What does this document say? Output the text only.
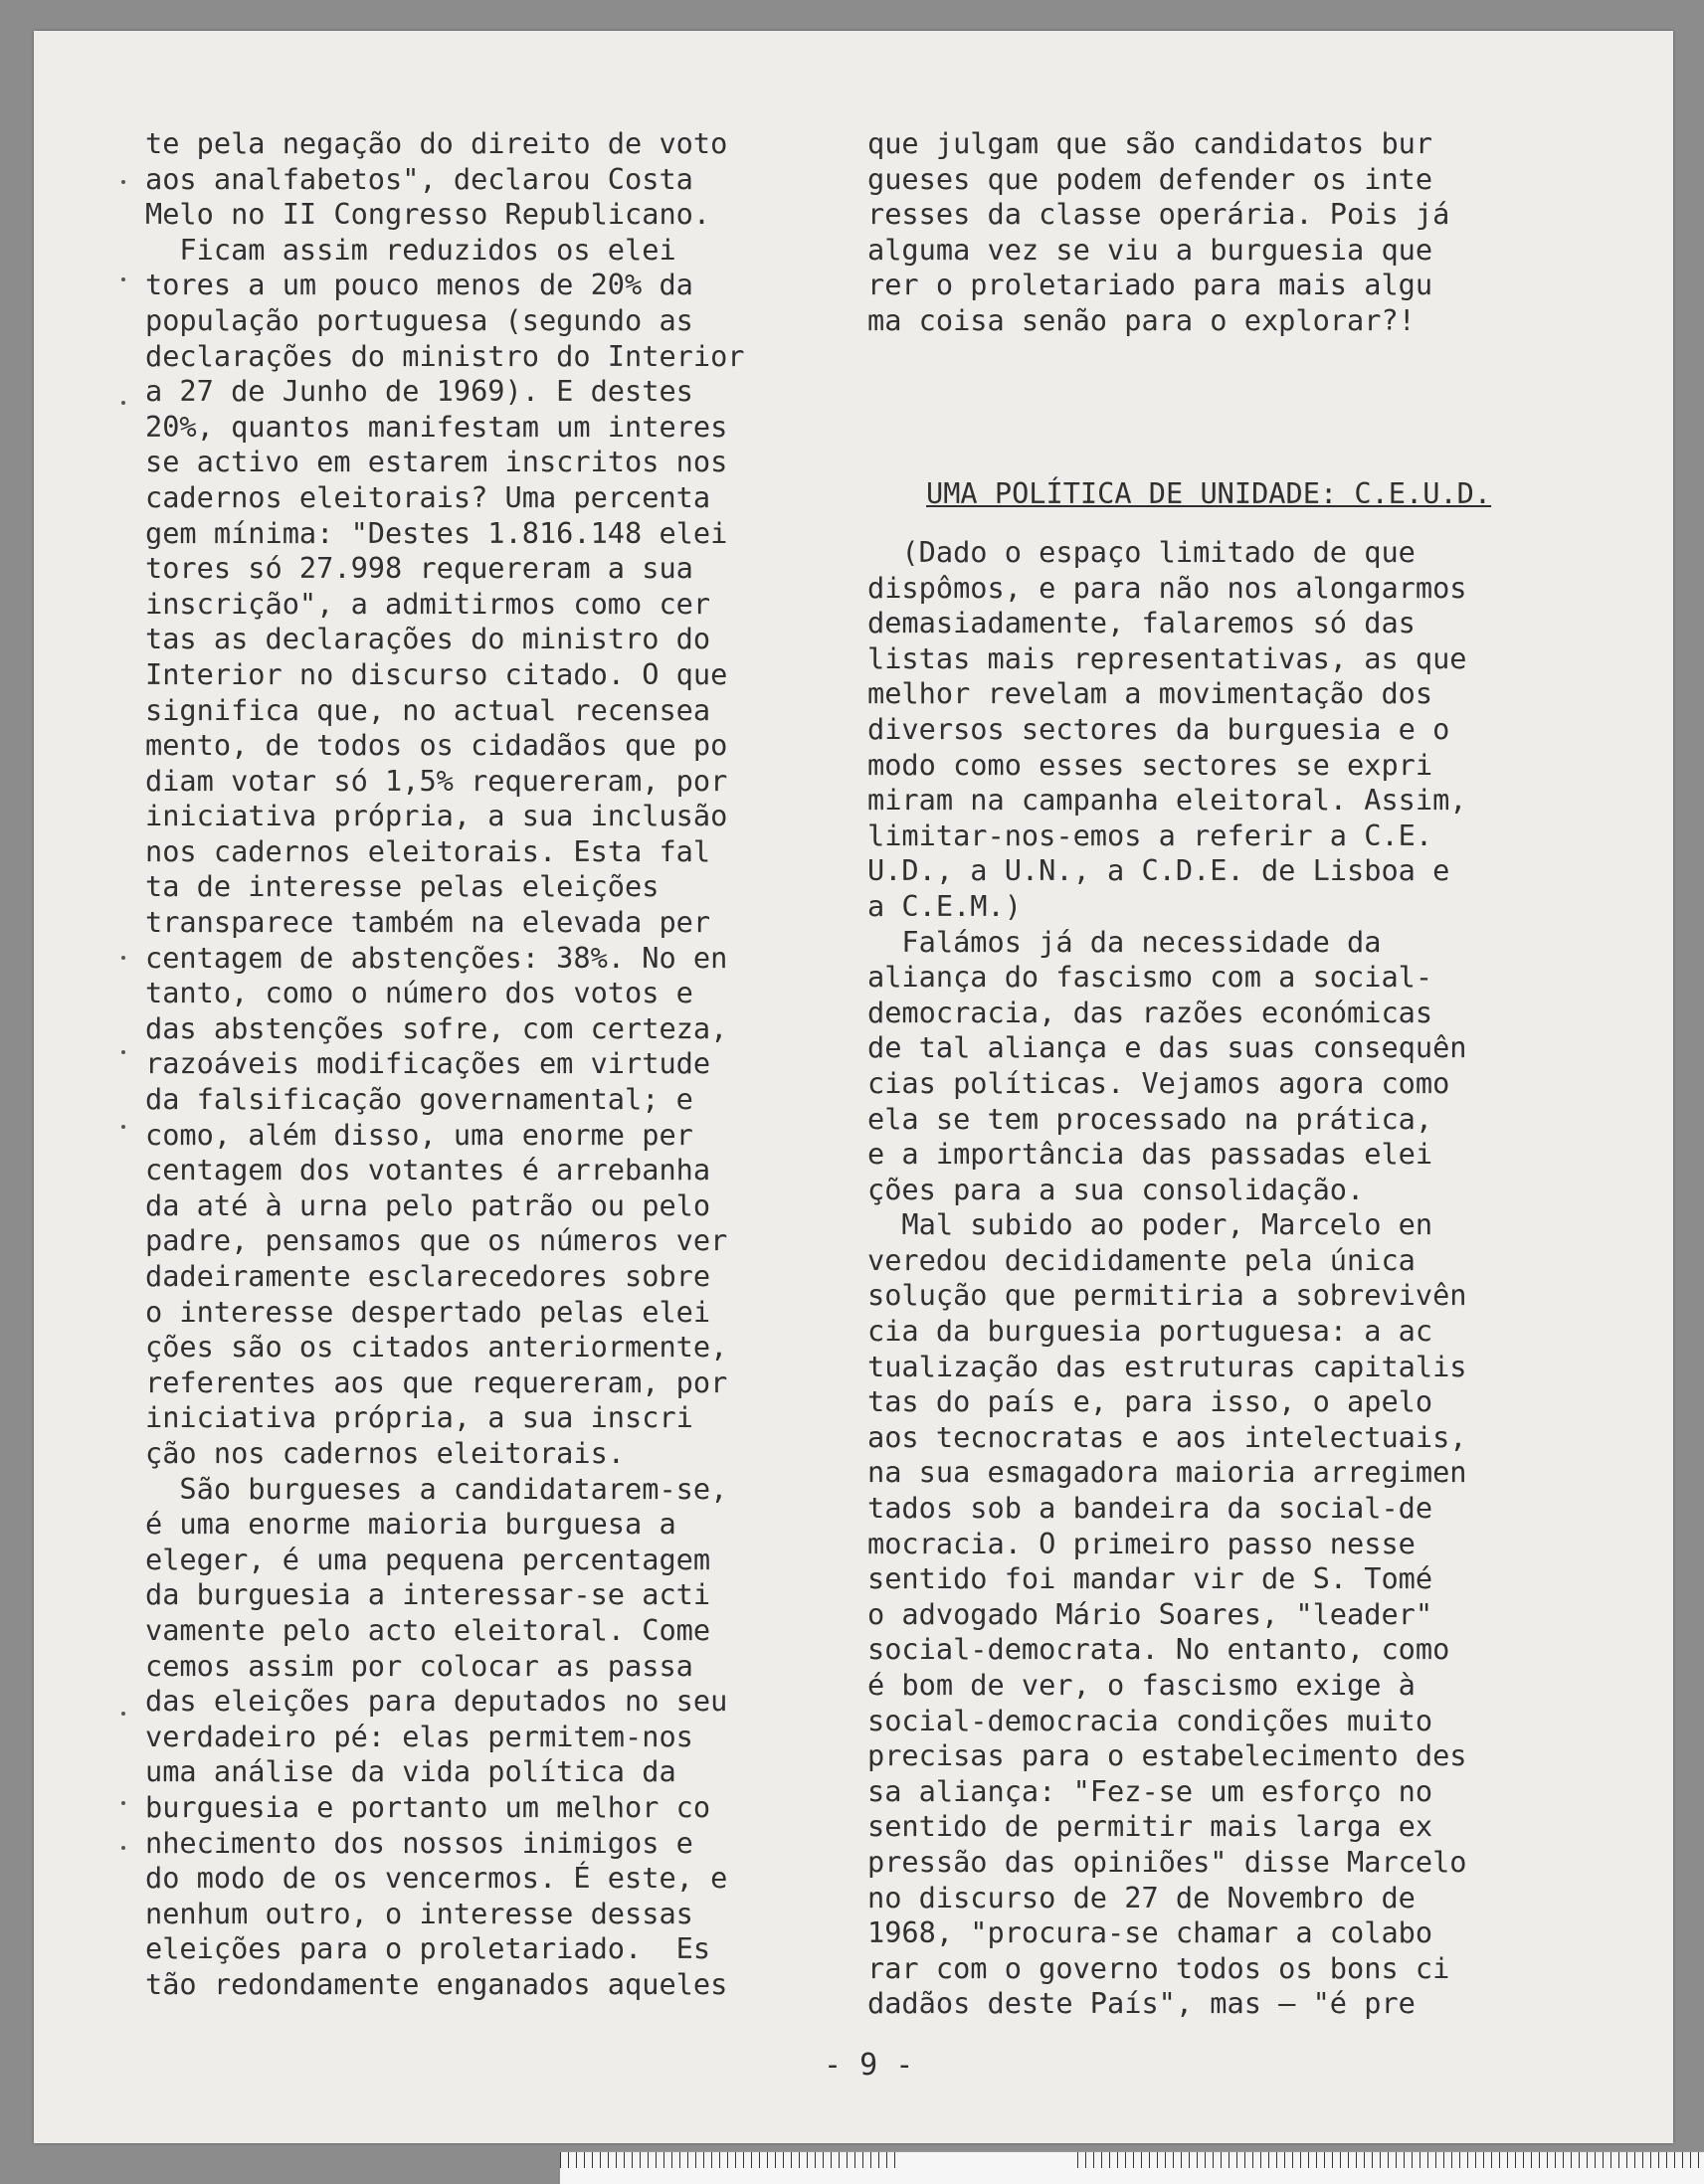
te pela negação do direito de voto
aos analfabetos", declarou Costa
Melo no II Congresso Republicano.
Ficam assim reduzidos os elei
tores a um pouco menos de 20% da
população portuguesa (segundo as
declarações do ministro do Interior
a 27 de Junho de 1969). E destes
20%, quantos manifestam um interes
se activo em estarem inscritos nos
cadernos eleitorais? Uma percenta
gem mínima: "Destes 1.816.148 elei
tores só 27.998 requereram a sua
inscrição", a admitirmos como cer
tas as declarações do ministro do
Interior no discurso citado. O que
significa que, no actual recensea
mento, de todos os cidadãos que po
diam votar só 1,5% requereram, por
iniciativa própria, a sua inclusão
nos cadernos eleitorais. Esta fal
ta de interesse pelas eleições
transparece também na elevada per
centagem de abstenções: 38%. No en
tanto, como o número dos votos e
das abstenções sofre, com certeza,
razoáveis modificações em virtude
da falsificação governamental; e
como, além disso, uma enorme per
centagem dos votantes é arrebanha
da até à urna pelo patrão ou pelo
padre, pensamos que os números ver
dadeiramente esclarecedores sobre
o interesse despertado pelas elei
ções são os citados anteriormente,
referentes aos que requereram, por
iniciativa própria, a sua inscri
ção nos cadernos eleitorais.
São burgueses a candidatarem-se,
é uma enorme maioria burguesa a
eleger, é uma pequena percentagem
da burguesia a interessar-se acti
vamente pelo acto eleitoral. Come
cemos assim por colocar as passa
das eleições para deputados no seu
verdadeiro pé: elas permitem-nos
uma análise da vida política da
burguesia e portanto um melhor co
nhecimento dos nossos inimigos e
do modo de os vencermos. É este, e
nenhum outro, o interesse dessas
eleições para o proletariado.  Es
tão redondamente enganados aqueles
que julgam que são candidatos bur
gueses que podem defender os inte
resses da classe operária. Pois já
alguma vez se viu a burguesia que
rer o proletariado para mais algu
ma coisa senão para o explorar?!
UMA POLÍTICA DE UNIDADE: C.E.U.D.
(Dado o espaço limitado de que
dispômos, e para não nos alongarmos
demasiadamente, falaremos só das
listas mais representativas, as que
melhor revelam a movimentação dos
diversos sectores da burguesia e o
modo como esses sectores se expri
miram na campanha eleitoral. Assim,
limitar-nos-emos a referir a C.E.
U.D., a U.N., a C.D.E. de Lisboa e
a C.E.M.)
Falámos já da necessidade da
aliança do fascismo com a social-
democracia, das razões económicas
de tal aliança e das suas consequên
cias políticas. Vejamos agora como
ela se tem processado na prática,
e a importância das passadas elei
ções para a sua consolidação.
Mal subido ao poder, Marcelo en
veredou decididamente pela única
solução que permitiria a sobrevivên
cia da burguesia portuguesa: a ac
tualização das estruturas capitalis
tas do país e, para isso, o apelo
aos tecnocratas e aos intelectuais,
na sua esmagadora maioria arregimen
tados sob a bandeira da social-de
mocracia. O primeiro passo nesse
sentido foi mandar vir de S. Tomé
o advogado Mário Soares, "leader"
social-democrata. No entanto, como
é bom de ver, o fascismo exige à
social-democracia condições muito
precisas para o estabelecimento des
sa aliança: "Fez-se um esforço no
sentido de permitir mais larga ex
pressão das opiniões" disse Marcelo
no discurso de 27 de Novembro de
1968, "procura-se chamar a colabo
rar com o governo todos os bons ci
dadãos deste País", mas — "é pre
- 9 -
